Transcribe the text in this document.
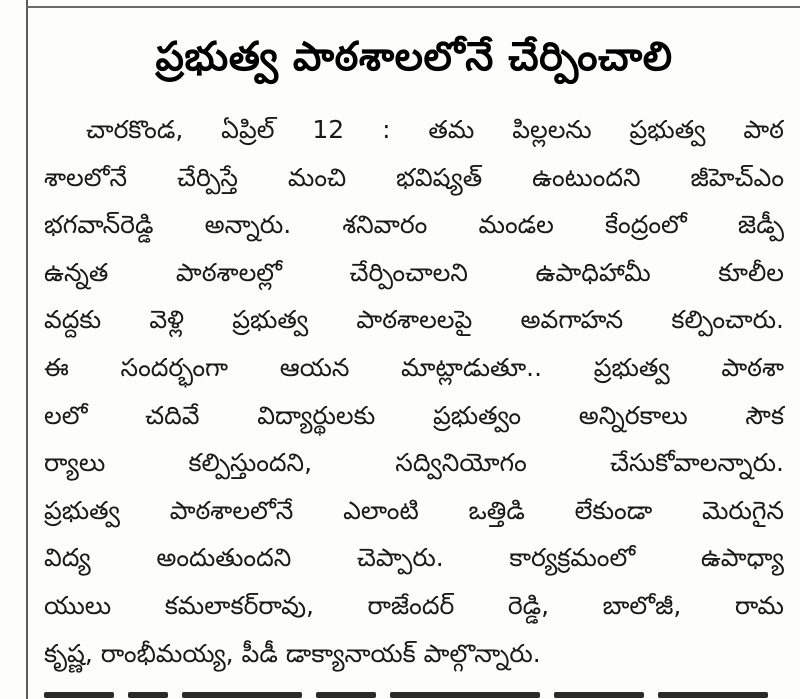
ప్రభుత్వ పాఠశాలలోనే చేర్పించాలి
చారకొండ, ఏప్రిల్ 12 : తమ పిల్లలను ప్రభుత్వ పాఠ
శాలలోనే చేర్పిస్తే మంచి భవిష్యత్ ఉంటుందని జీహెచ్ఎం
భగవాన్‌రెడ్డి అన్నారు. శనివారం మండల కేంద్రంలో జెడ్పీ
ఉన్నత పాఠశాలల్లో చేర్పించాలని ఉపాధిహామీ కూలీల
వద్దకు వెళ్లి ప్రభుత్వ పాఠశాలలపై అవగాహన కల్పించారు.
ఈ సందర్భంగా ఆయన మాట్లాడుతూ.. ప్రభుత్వ పాఠశా
లలో చదివే విద్యార్థులకు ప్రభుత్వం అన్నిరకాలు సౌక
ర్యాలు కల్పిస్తుందని, సద్వినియోగం చేసుకోవాలన్నారు.
ప్రభుత్వ పాఠశాలలోనే ఎలాంటి ఒత్తిడి లేకుండా మెరుగైన
విద్య అందుతుందని చెప్పారు. కార్యక్రమంలో ఉపాధ్యా
యులు కమలాకర్‌రావు, రాజేందర్ రెడ్డి, బాలోజీ, రామ
కృష్ణ, రాంభీమయ్య, పీడీ డాక్యానాయక్ పాల్గొన్నారు.
